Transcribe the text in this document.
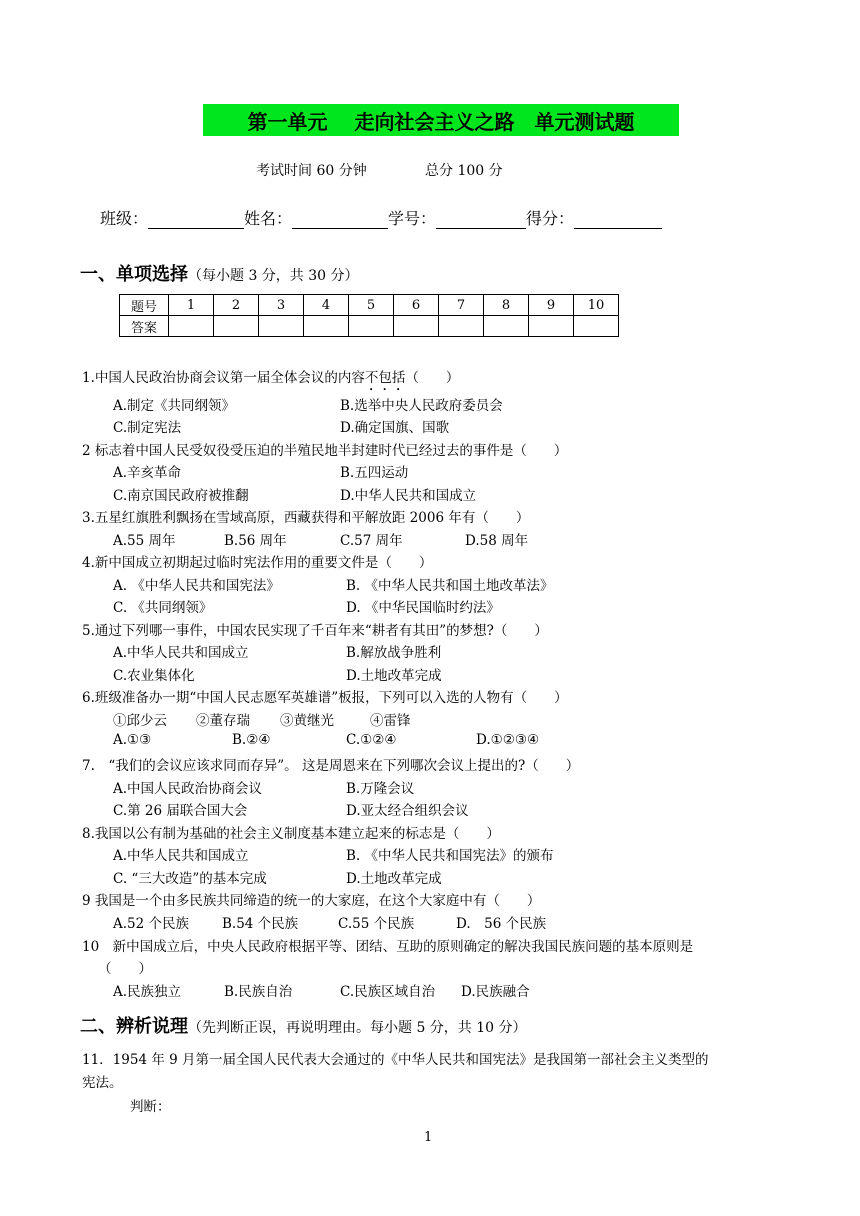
第一单元　 走向社会主义之路　单元测试题
考试时间 60 分钟	总分 100 分
班级：	姓名：	学号：	得分：
一、单项选择（每小题 3 分，共 30 分）
题号	1	2	3	4	5	6	7	8	9	10
答案										
1.中国人民政治协商会议第一届全体会议的内容不包括（　　）
A.制定《共同纲领》	B.选举中央人民政府委员会
C.制定宪法	D.确定国旗、国歌
2 标志着中国人民受奴役受压迫的半殖民地半封建时代已经过去的事件是（　　）
A.辛亥革命	B.五四运动
C.南京国民政府被推翻	D.中华人民共和国成立
3.五星红旗胜利飘扬在雪域高原，西藏获得和平解放距 2006 年有（　　）
A.55 周年	B.56 周年	C.57 周年	D.58 周年
4.新中国成立初期起过临时宪法作用的重要文件是（　　）
A. 《中华人民共和国宪法》	B. 《中华人民共和国土地改革法》
C. 《共同纲领》	D. 《中华民国临时约法》
5.通过下列哪一事件，中国农民实现了千百年来“耕者有其田”的梦想?（　　）
A.中华人民共和国成立	B.解放战争胜利
C.农业集体化	D.土地改革完成
6.班级准备办一期“中国人民志愿军英雄谱”板报，下列可以入选的人物有（　　）
①邱少云 ②董存瑞 ③黄继光	④雷锋
A.①③	B.②④	C.①②④	D.①②③④
7.　“我们的会议应该求同而存异”。 这是周恩来在下列哪次会议上提出的?（　　）
A.中国人民政治协商会议	B.万隆会议
C.第 26 届联合国大会	D.亚太经合组织会议
8.我国以公有制为基础的社会主义制度基本建立起来的标志是（　　）
A.中华人民共和国成立	B. 《中华人民共和国宪法》的颁布
C. “三大改造”的基本完成	D.土地改革完成
9 我国是一个由多民族共同缔造的统一的大家庭，在这个大家庭中有（　　）
A.52 个民族 B.54 个民族	C.55 个民族	D.　56 个民族
10　新中国成立后，中央人民政府根据平等、团结、互助的原则确定的解决我国民族问题的基本原则是
（　　）
A.民族独立	B.民族自治	C.民族区域自治 D.民族融合
二、辨析说理（先判断正误，再说明理由。每小题 5 分，共 10 分）
11．1954 年 9 月第一届全国人民代表大会通过的《中华人民共和国宪法》是我国第一部社会主义类型的
宪法。
判断：
1
